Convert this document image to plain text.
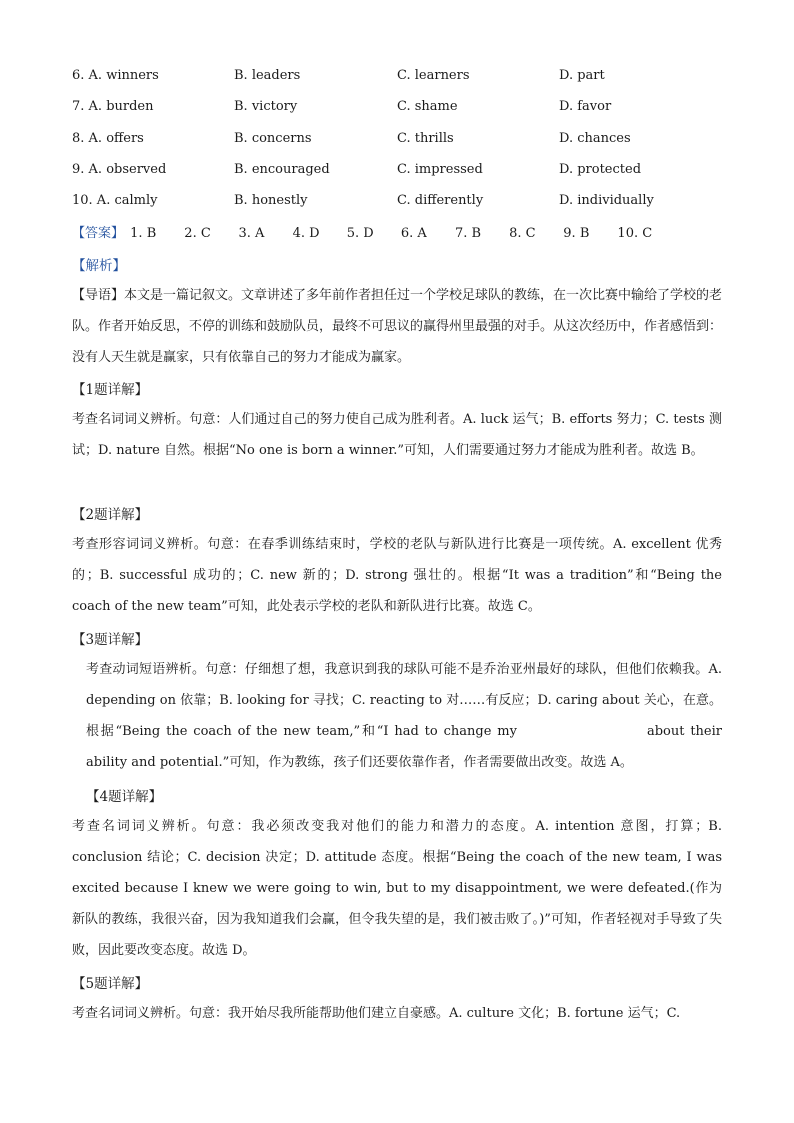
6. A. winners	B. leaders	C. learners	D. part
7. A. burden	B. victory	C. shame	D. favor
8. A. offers	B. concerns	C. thrills	D. chances
9. A. observed	B. encouraged	C. impressed	D. protected
10. A. calmly	B. honestly	C. differently	D. individually
【答案】 1. B 2. C 3. A 4. D 5. D 6. A 7. B 8. C 9. B 10. C
【解析】

【导语】本文是一篇记叙文。文章讲述了多年前作者担任过一个学校足球队的教练，在一次比赛中输给了学校的老队。作者开始反思，不停的训练和鼓励队员，最终不可思议的赢得州里最强的对手。从这次经历中，作者感悟到：没有人天生就是赢家，只有依靠自己的努力才能成为赢家。

【1题详解】

考查名词词义辨析。句意：人们通过自己的努力使自己成为胜利者。A. luck 运气；B. efforts 努力；C. tests 测试；D. nature 自然。根据“No one is born a winner.”可知，人们需要通过努力才能成为胜利者。故选 B。

【2题详解】

考查形容词词义辨析。句意：在春季训练结束时，学校的老队与新队进行比赛是一项传统。A. excellent 优秀的；B. successful 成功的；C. new 新的；D. strong 强壮的。根据“It was a tradition”和“Being the coach of the new team”可知，此处表示学校的老队和新队进行比赛。故选 C。

【3题详解】

考查动词短语辨析。句意：仔细想了想，我意识到我的球队可能不是乔治亚州最好的球队，但他们依赖我。A. depending on 依靠；B. looking for 寻找；C. reacting to 对……有反应；D. caring about 关心，在意。根据“Being the coach of the new team,”和“I had to change my	about their ability and potential.”可知，作为教练，孩子们还要依靠作者，作者需要做出改变。故选 A。

【4题详解】

考查名词词义辨析。句意：我必须改变我对他们的能力和潜力的态度。A. intention 意图，打算；B. conclusion 结论；C. decision 决定；D. attitude 态度。根据“Being the coach of the new team, I was excited because I knew we were going to win, but to my disappointment, we were defeated.(作为新队的教练，我很兴奋，因为我知道我们会赢，但令我失望的是，我们被击败了。)”可知，作者轻视对手导致了失败，因此要改变态度。故选 D。

【5题详解】

考查名词词义辨析。句意：我开始尽我所能帮助他们建立自豪感。A. culture 文化；B. fortune 运气；C.
